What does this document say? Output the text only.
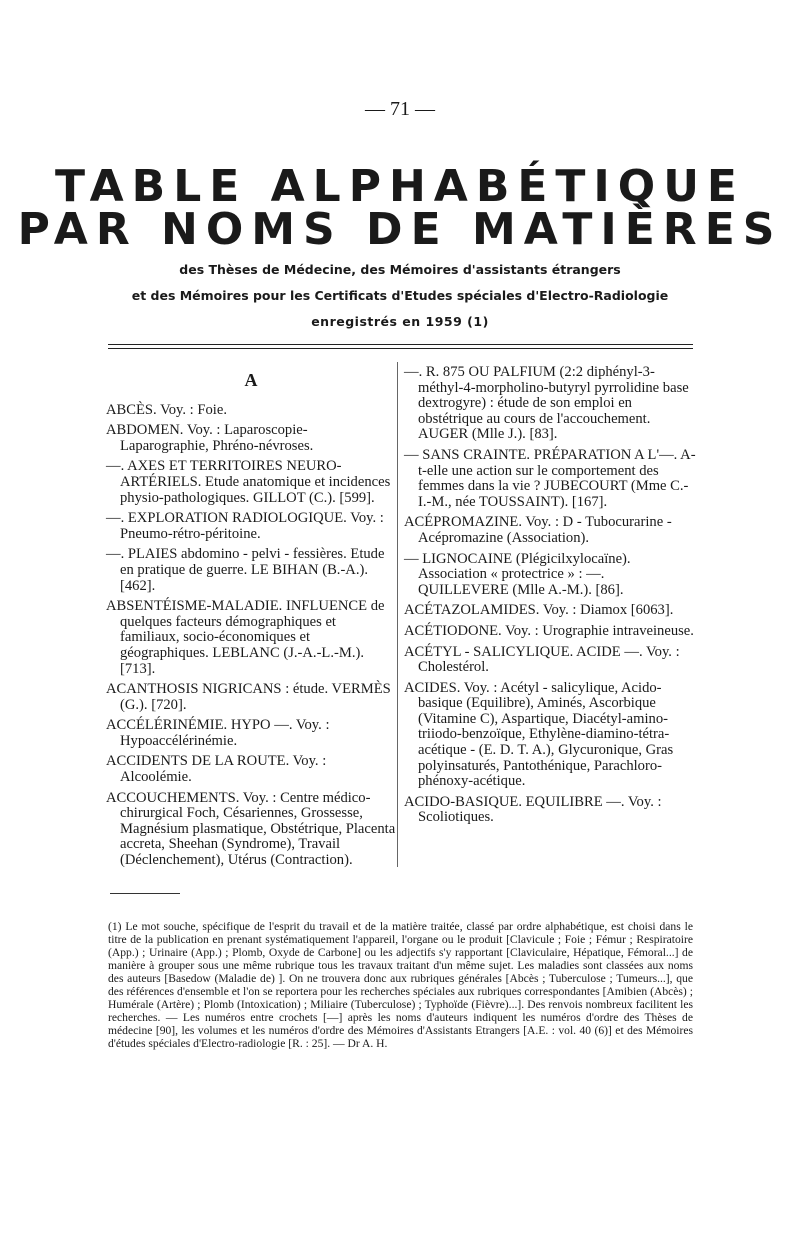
— 71 —
TABLE ALPHABÉTIQUE
PAR NOMS DE MATIÈRES
des Thèses de Médecine, des Mémoires d'assistants étrangers
et des Mémoires pour les Certificats d'Etudes spéciales d'Electro-Radiologie
enregistrés en 1959 (1)
A

ABCÈS. Voy. : Foie.

ABDOMEN. Voy. : Laparoscopie-Laparographie, Phréno-névroses.

—. AXES ET TERRITOIRES NEURO-ARTÉRIELS. Etude anatomique et incidences physio-pathologiques. GILLOT (C.). [599].

—. EXPLORATION RADIOLOGIQUE. Voy. : Pneumo-rétro-péritoine.

—. PLAIES abdomino - pelvi - fessières. Etude en pratique de guerre. LE BIHAN (B.-A.). [462].

ABSENTÉISME-MALADIE. INFLUENCE de quelques facteurs démographiques et familiaux, socio-économiques et géographiques. LEBLANC (J.-A.-L.-M.). [713].

ACANTHOSIS NIGRICANS : étude. VERMÈS (G.). [720].

ACCÉLÉRINÉMIE. HYPO —. Voy. : Hypoaccélérinémie.

ACCIDENTS DE LA ROUTE. Voy. : Alcoolémie.

ACCOUCHEMENTS. Voy. : Centre médico-chirurgical Foch, Césariennes, Grossesse, Magnésium plasmatique, Obstétrique, Placenta accreta, Sheehan (Syndrome), Travail (Déclenchement), Utérus (Contraction).

—. R. 875 OU PALFIUM (2:2 diphényl-3-méthyl-4-morpholino-butyryl pyrrolidine base dextrogyre) : étude de son emploi en obstétrique au cours de l'accouchement. AUGER (Mlle J.). [83].

— SANS CRAINTE. PRÉPARATION A L'—. A-t-elle une action sur le comportement des femmes dans la vie ? JUBECOURT (Mme C.-I.-M., née TOUSSAINT). [167].

ACÉPROMAZINE. Voy. : D - Tubocurarine - Acépromazine (Association).

— LIGNOCAINE (Plégicilxylocaïne). Association « protectrice » : —. QUILLEVERE (Mlle A.-M.). [86].

ACÉTAZOLAMIDES. Voy. : Diamox [6063].

ACÉTIODONE. Voy. : Urographie intraveineuse.

ACÉTYL - SALICYLIQUE. ACIDE —. Voy. : Cholestérol.

ACIDES. Voy. : Acétyl - salicylique, Acido-basique (Equilibre), Aminés, Ascorbique (Vitamine C), Aspartique, Diacétyl-amino-triiodo-benzoïque, Ethylène-diamino-tétra-acétique - (E. D. T. A.), Glycuronique, Gras polyinsaturés, Pantothénique, Parachloro-phénoxy-acétique.

ACIDO-BASIQUE. EQUILIBRE —. Voy. : Scoliotiques.

(1) Le mot souche, spécifique de l'esprit du travail et de la matière traitée, classé par ordre alphabétique, est choisi dans le titre de la publication en prenant systématiquement l'appareil, l'organe ou le produit [Clavicule ; Foie ; Fémur ; Respiratoire (App.) ; Urinaire (App.) ; Plomb, Oxyde de Carbone] ou les adjectifs s'y rapportant [Claviculaire, Hépatique, Fémoral...] de manière à grouper sous une même rubrique tous les travaux traitant d'un même sujet. Les maladies sont classées aux noms des auteurs [Basedow (Maladie de) ]. On ne trouvera donc aux rubriques générales [Abcès ; Tuberculose ; Tumeurs...], que des références d'ensemble et l'on se reportera pour les recherches spéciales aux rubriques correspondantes [Amibien (Abcès) ; Humérale (Artère) ; Plomb (Intoxication) ; Miliaire (Tuberculose) ; Typhoïde (Fièvre)...]. Des renvois nombreux facilitent les recherches. — Les numéros entre crochets [—] après les noms d'auteurs indiquent les numéros d'ordre des Thèses de médecine [90], les volumes et les numéros d'ordre des Mémoires d'Assistants Etrangers [A.E. : vol. 40 (6)] et des Mémoires d'études spéciales d'Electro-radiologie [R. : 25]. — Dr A. H.
